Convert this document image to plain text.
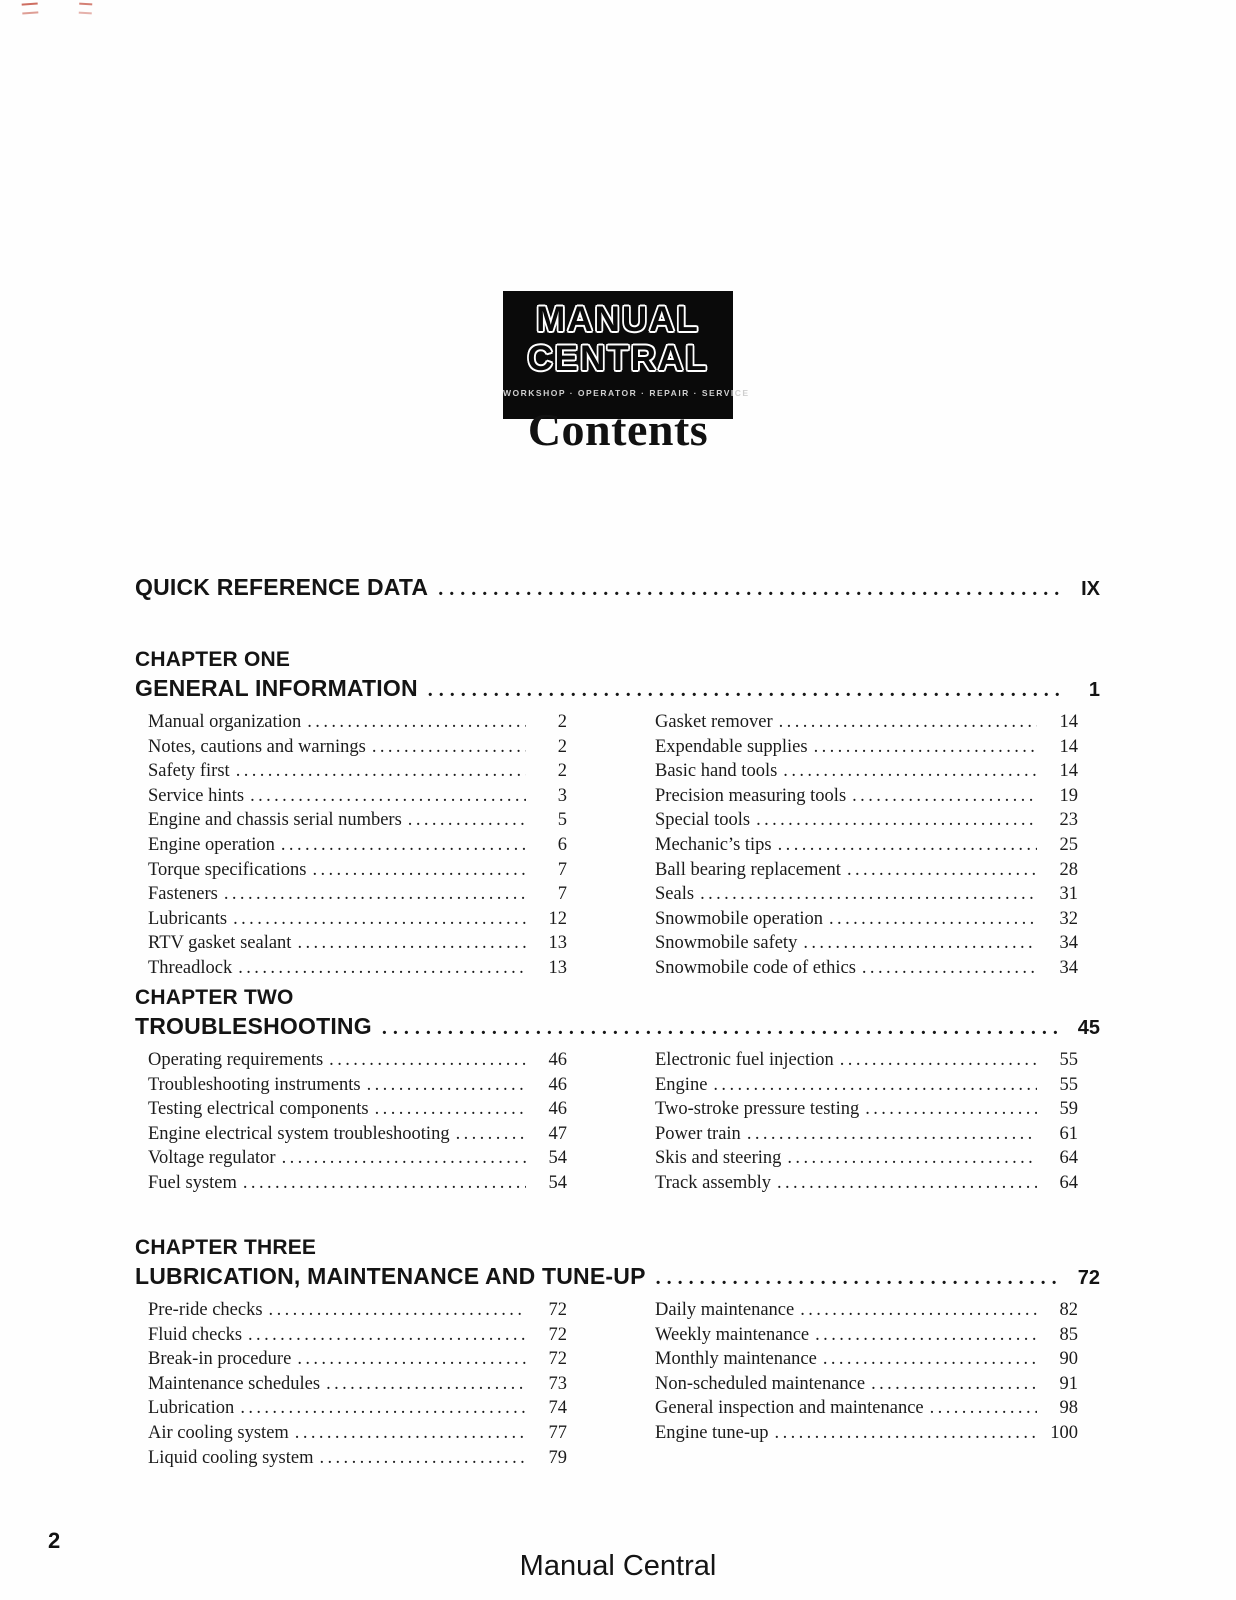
MANUAL
CENTRAL
WORKSHOP · OPERATOR · REPAIR · SERVICE
Contents
QUICK REFERENCE DATA .....	IX
CHAPTER ONE
GENERAL INFORMATION .....	1
Manual organization .....	2
Notes, cautions and warnings .....	2
Safety first .....	2
Service hints .....	3
Engine and chassis serial numbers .....	5
Engine operation .....	6
Torque specifications .....	7
Fasteners .....	7
Lubricants .....	12
RTV gasket sealant .....	13
Threadlock .....	13
Gasket remover .....	14
Expendable supplies .....	14
Basic hand tools .....	14
Precision measuring tools .....	19
Special tools .....	23
Mechanic’s tips .....	25
Ball bearing replacement .....	28
Seals .....	31
Snowmobile operation .....	32
Snowmobile safety .....	34
Snowmobile code of ethics .....	34
CHAPTER TWO
TROUBLESHOOTING .....	45
Operating requirements .....	46
Troubleshooting instruments .....	46
Testing electrical components .....	46
Engine electrical system troubleshooting .....	47
Voltage regulator .....	54
Fuel system .....	54
Electronic fuel injection .....	55
Engine .....	55
Two-stroke pressure testing .....	59
Power train .....	61
Skis and steering .....	64
Track assembly .....	64
CHAPTER THREE
LUBRICATION, MAINTENANCE AND TUNE-UP .....	72
Pre-ride checks .....	72
Fluid checks .....	72
Break-in procedure .....	72
Maintenance schedules .....	73
Lubrication .....	74
Air cooling system .....	77
Liquid cooling system .....	79
Daily maintenance .....	82
Weekly maintenance .....	85
Monthly maintenance .....	90
Non-scheduled maintenance .....	91
General inspection and maintenance .....	98
Engine tune-up .....	100
2
Manual Central
